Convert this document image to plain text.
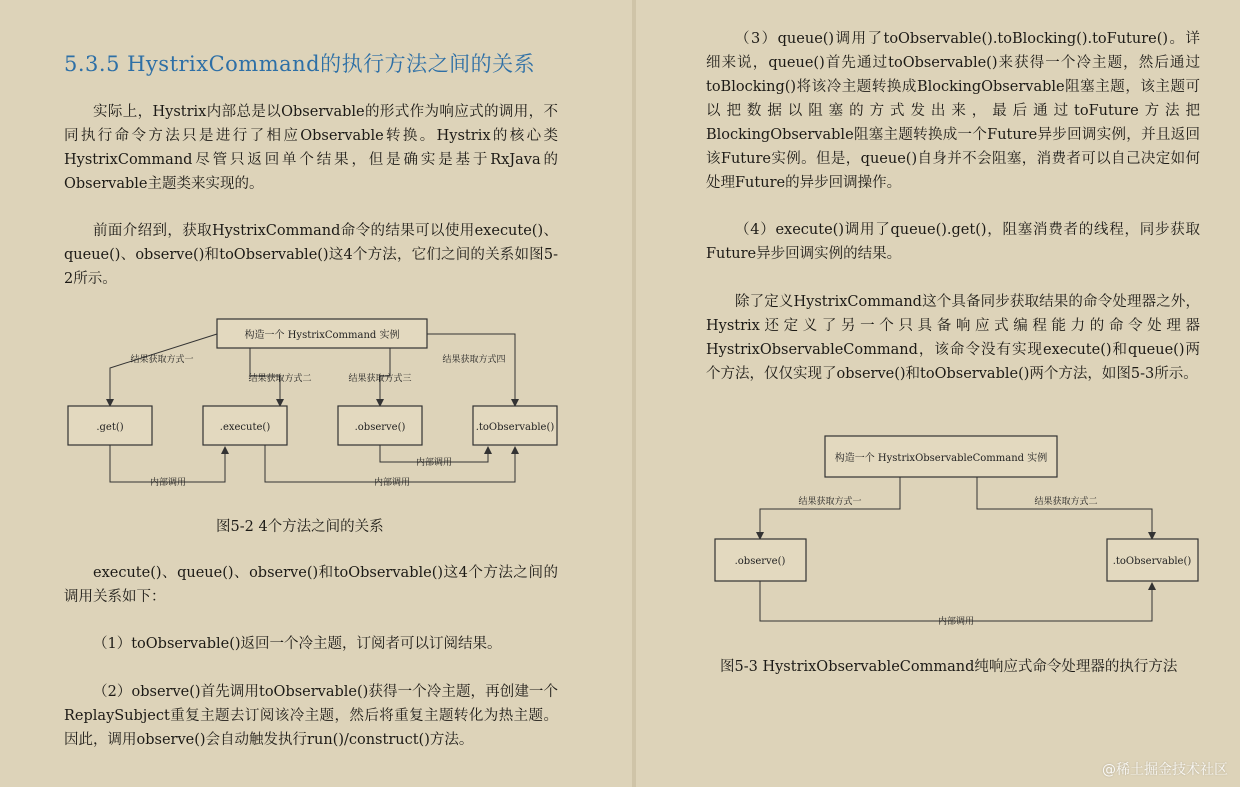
5.3.5 HystrixCommand的执行方法之间的关系

实际上，Hystrix内部总是以Observable的形式作为响应式的调用，不同执行命令方法只是进行了相应Observable转换。Hystrix的核心类HystrixCommand尽管只返回单个结果，但是确实是基于RxJava的Observable主题类来实现的。

前面介绍到，获取HystrixCommand命令的结果可以使用execute()、queue()、observe()和toObservable()这4个方法，它们之间的关系如图5-2所示。

构造一个 HystrixCommand 实例
结果获取方式一
结果获取方式二	结果获取方式三
结果获取方式四
.get()	.execute()	.observe()	.toObservable()
内部调用	内部调用
内部调用
图5-2 4个方法之间的关系

execute()、queue()、observe()和toObservable()这4个方法之间的调用关系如下：

（1）toObservable()返回一个冷主题，订阅者可以订阅结果。

（2）observe()首先调用toObservable()获得一个冷主题，再创建一个ReplaySubject重复主题去订阅该冷主题，然后将重复主题转化为热主题。因此，调用observe()会自动触发执行run()/construct()方法。

（3）queue()调用了toObservable().toBlocking().toFuture()。详细来说，queue()首先通过toObservable()来获得一个冷主题，然后通过toBlocking()将该冷主题转换成BlockingObservable阻塞主题，该主题可以把数据以阻塞的方式发出来，最后通过toFuture方法把BlockingObservable阻塞主题转换成一个Future异步回调实例，并且返回该Future实例。但是，queue()自身并不会阻塞，消费者可以自己决定如何处理Future的异步回调操作。

（4）execute()调用了queue().get()，阻塞消费者的线程，同步获取Future异步回调实例的结果。

除了定义HystrixCommand这个具备同步获取结果的命令处理器之外，Hystrix还定义了另一个只具备响应式编程能力的命令处理器HystrixObservableCommand，该命令没有实现execute()和queue()两个方法，仅仅实现了observe()和toObservable()两个方法，如图5-3所示。

构造一个 HystrixObservableCommand 实例
结果获取方式一	结果获取方式二
.observe()	.toObservable()
内部调用
图5-3 HystrixObservableCommand纯响应式命令处理器的执行方法
@稀土掘金技术社区
